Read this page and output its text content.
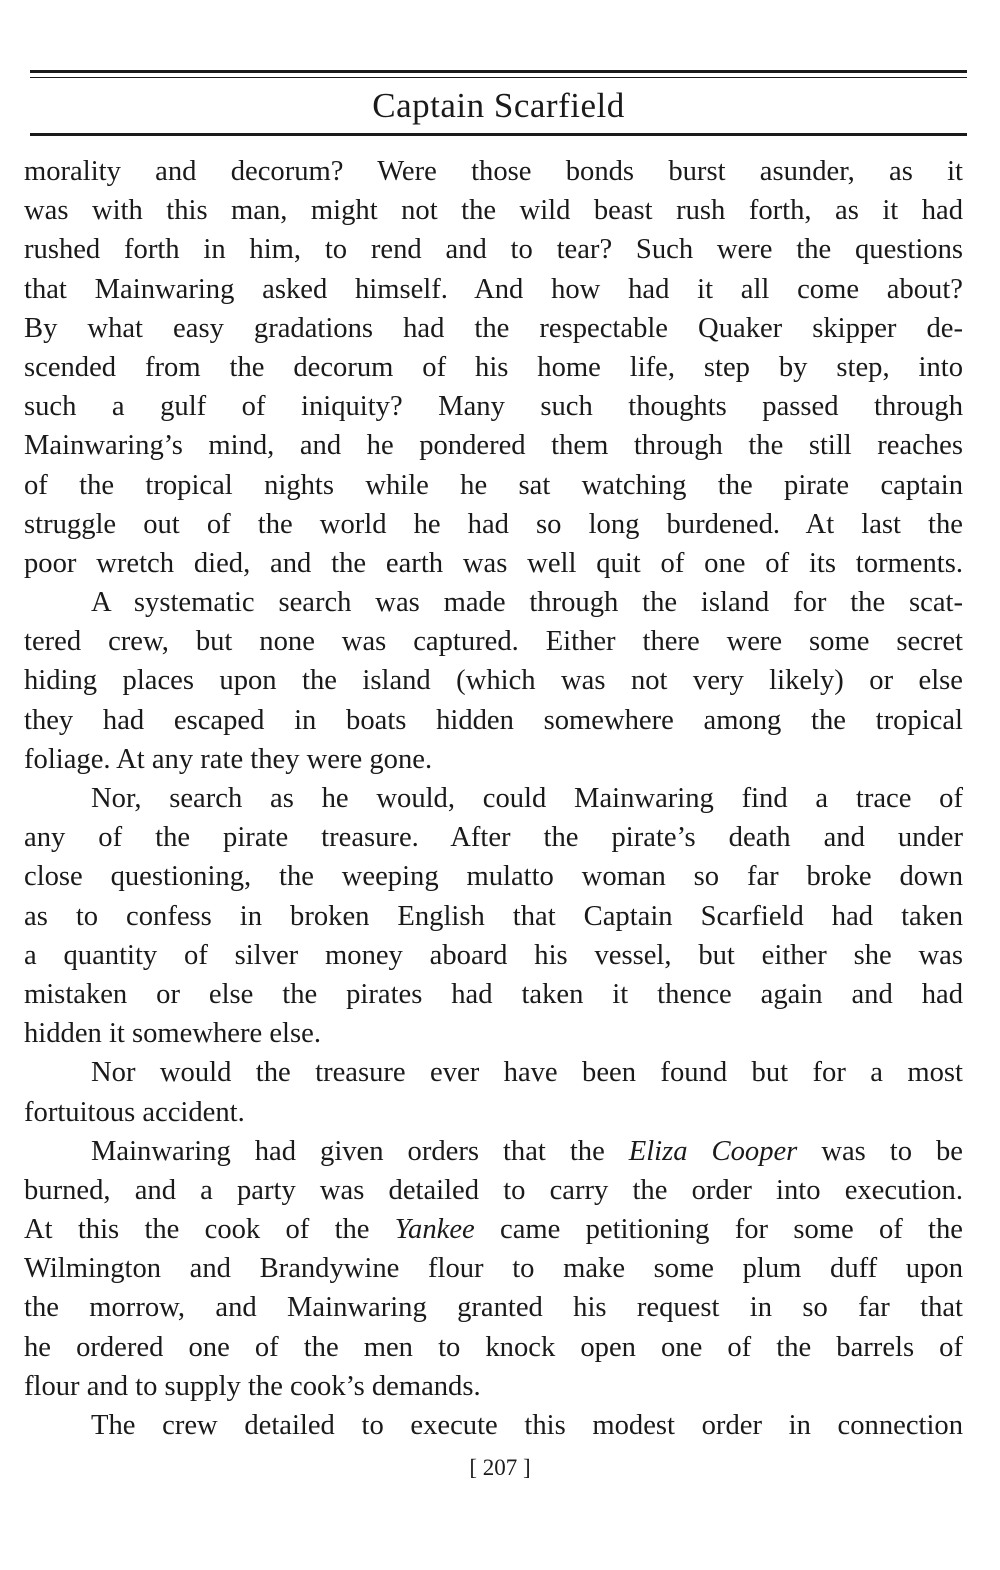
Captain Scarfield
morality and decorum? Were those bonds burst asunder, as it
was with this man, might not the wild beast rush forth, as it had
rushed forth in him, to rend and to tear? Such were the questions
that Mainwaring asked himself. And how had it all come about?
By what easy gradations had the respectable Quaker skipper de-
scended from the decorum of his home life, step by step, into
such a gulf of iniquity? Many such thoughts passed through
Mainwaring’s mind, and he pondered them through the still reaches
of the tropical nights while he sat watching the pirate captain
struggle out of the world he had so long burdened. At last the
poor wretch died, and the earth was well quit of one of its torments.
A systematic search was made through the island for the scat-
tered crew, but none was captured. Either there were some secret
hiding places upon the island (which was not very likely) or else
they had escaped in boats hidden somewhere among the tropical
foliage. At any rate they were gone.
Nor, search as he would, could Mainwaring find a trace of
any of the pirate treasure. After the pirate’s death and under
close questioning, the weeping mulatto woman so far broke down
as to confess in broken English that Captain Scarfield had taken
a quantity of silver money aboard his vessel, but either she was
mistaken or else the pirates had taken it thence again and had
hidden it somewhere else.
Nor would the treasure ever have been found but for a most
fortuitous accident.
Mainwaring had given orders that the Eliza Cooper was to be
burned, and a party was detailed to carry the order into execution.
At this the cook of the Yankee came petitioning for some of the
Wilmington and Brandywine flour to make some plum duff upon
the morrow, and Mainwaring granted his request in so far that
he ordered one of the men to knock open one of the barrels of
flour and to supply the cook’s demands.
The crew detailed to execute this modest order in connection
[ 207 ]
